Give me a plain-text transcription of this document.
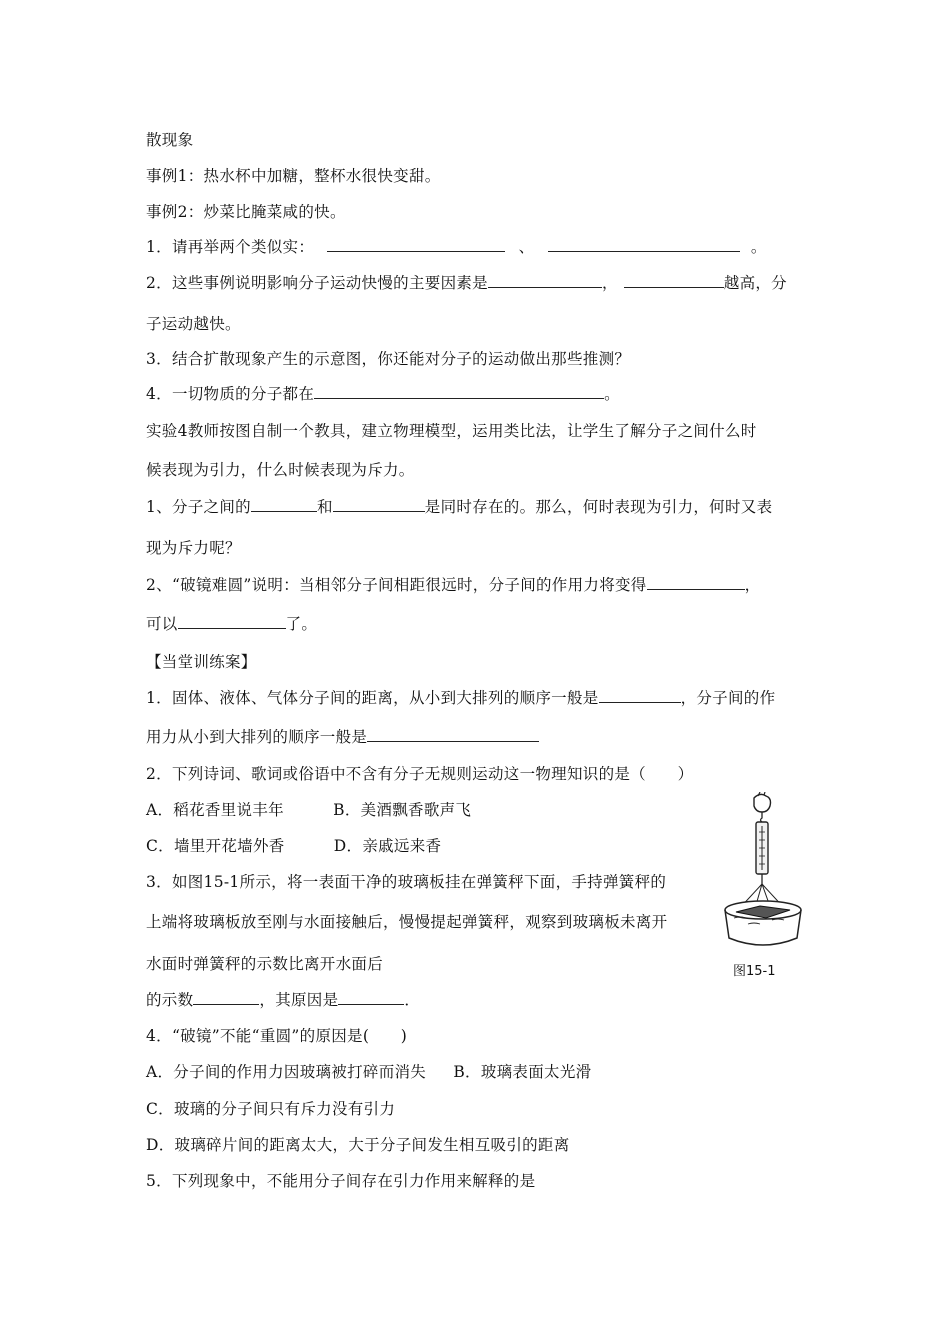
散现象
事例1：热水杯中加糖，整杯水很快变甜。
事例2：炒菜比腌菜咸的快。
1．请再举两个类似实：	、	。
2．这些事例说明影响分子运动快慢的主要因素是	，	越高，分
子运动越快。
3．结合扩散现象产生的示意图，你还能对分子的运动做出那些推测？
4．一切物质的分子都在	。
实验4教师按图自制一个教具，建立物理模型，运用类比法，让学生了解分子之间什么时
候表现为引力，什么时候表现为斥力。
1、分子之间的	和	是同时存在的。那么，何时表现为引力，何时又表
现为斥力呢？
2、“破镜难圆”说明：当相邻分子间相距很远时，分子间的作用力将变得	，
可以	了。
【当堂训练案】
1．固体、液体、气体分子间的距离，从小到大排列的顺序一般是	，分子间的作
用力从小到大排列的顺序一般是
2．下列诗词、歌词或俗语中不含有分子无规则运动这一物理知识的是（　　）
A．稻花香里说丰年	B．美酒飘香歌声飞
C．墙里开花墙外香	D．亲戚远来香
3．如图15-1所示，将一表面干净的玻璃板挂在弹簧秤下面，手持弹簧秤的
上端将玻璃板放至刚与水面接触后，慢慢提起弹簧秤，观察到玻璃板未离开
水面时弹簧秤的示数比离开水面后
的示数	，其原因是	．
4．“破镜”不能“重圆”的原因是(　　)
A．分子间的作用力因玻璃被打碎而消失 B．玻璃表面太光滑
C．玻璃的分子间只有斥力没有引力
D．玻璃碎片间的距离太大，大于分子间发生相互吸引的距离
5．下列现象中，不能用分子间存在引力作用来解释的是
图15-1
